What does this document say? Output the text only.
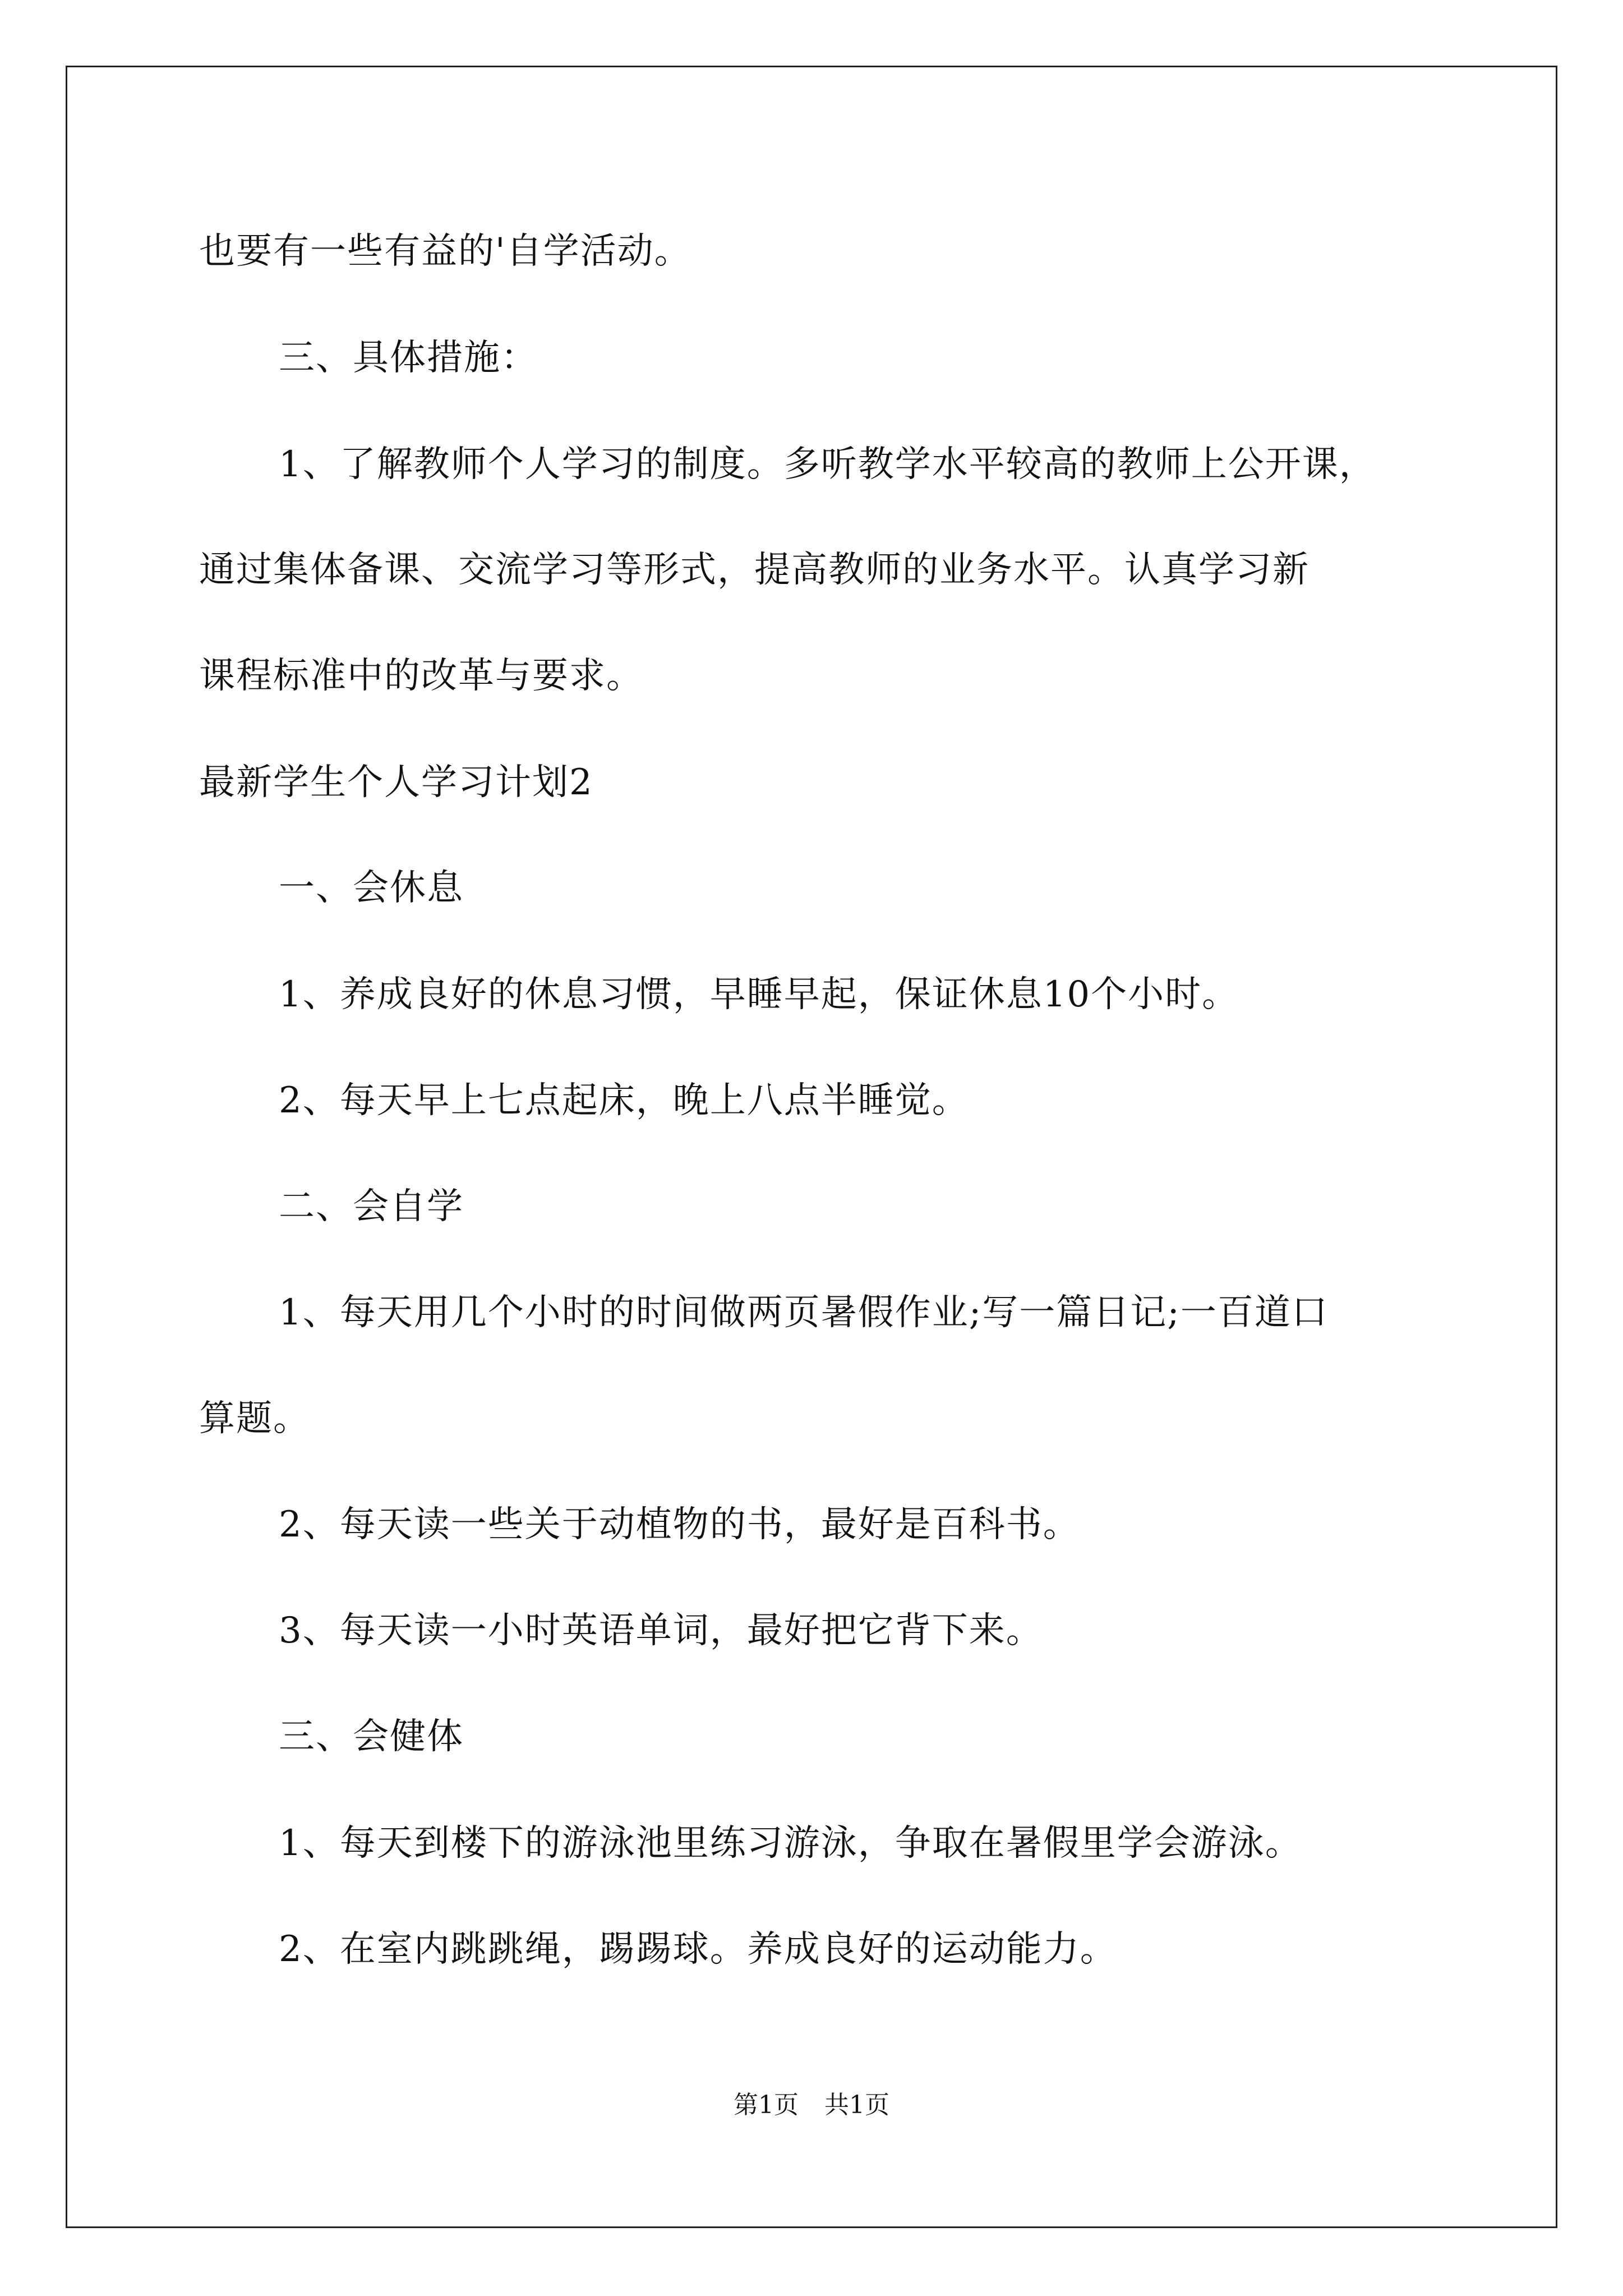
也要有一些有益的'自学活动。
三、具体措施：
1、了解教师个人学习的制度。多听教学水平较高的教师上公开课，
通过集体备课、交流学习等形式，提高教师的业务水平。认真学习新
课程标准中的改革与要求。
最新学生个人学习计划2
一、会休息
1、养成良好的休息习惯，早睡早起，保证休息10个小时。
2、每天早上七点起床，晚上八点半睡觉。
二、会自学
1、每天用几个小时的时间做两页暑假作业;写一篇日记;一百道口
算题。
2、每天读一些关于动植物的书，最好是百科书。
3、每天读一小时英语单词，最好把它背下来。
三、会健体
1、每天到楼下的游泳池里练习游泳，争取在暑假里学会游泳。
2、在室内跳跳绳，踢踢球。养成良好的运动能力。
第1页 共1页
